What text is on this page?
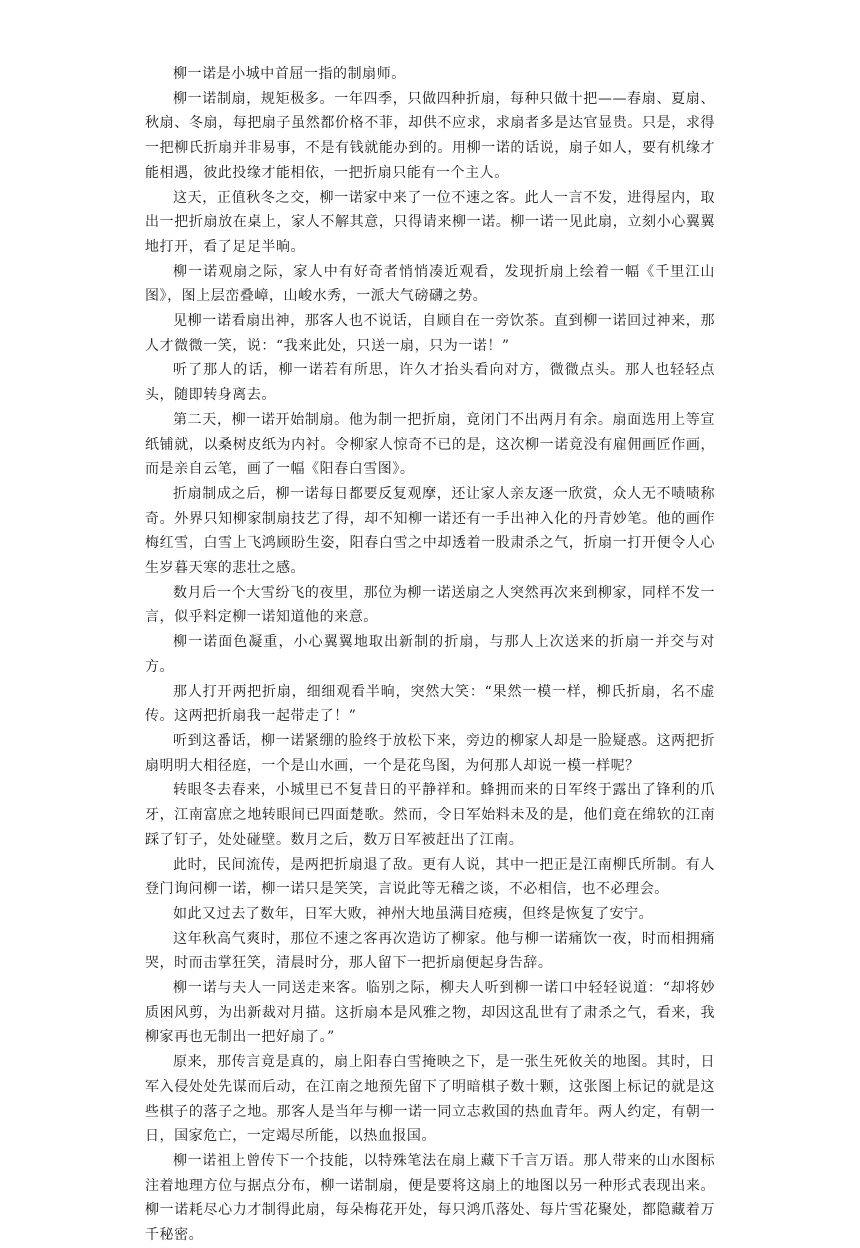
柳一诺是小城中首屈一指的制扇师。

柳一诺制扇，规矩极多。一年四季，只做四种折扇，每种只做十把——春扇、夏扇、秋扇、冬扇，每把扇子虽然都价格不菲，却供不应求，求扇者多是达官显贵。只是，求得一把柳氏折扇并非易事，不是有钱就能办到的。用柳一诺的话说，扇子如人，要有机缘才能相遇，彼此投缘才能相依，一把折扇只能有一个主人。

这天，正值秋冬之交，柳一诺家中来了一位不速之客。此人一言不发，进得屋内，取出一把折扇放在桌上，家人不解其意，只得请来柳一诺。柳一诺一见此扇，立刻小心翼翼地打开，看了足足半晌。

柳一诺观扇之际，家人中有好奇者悄悄凑近观看，发现折扇上绘着一幅《千里江山图》，图上层峦叠嶂，山峻水秀，一派大气磅礴之势。

见柳一诺看扇出神，那客人也不说话，自顾自在一旁饮茶。直到柳一诺回过神来，那人才微微一笑，说：“我来此处，只送一扇，只为一诺！”

听了那人的话，柳一诺若有所思，许久才抬头看向对方，微微点头。那人也轻轻点头，随即转身离去。

第二天，柳一诺开始制扇。他为制一把折扇，竟闭门不出两月有余。扇面选用上等宣纸铺就，以桑树皮纸为内衬。令柳家人惊奇不已的是，这次柳一诺竟没有雇佣画匠作画，而是亲自云笔，画了一幅《阳春白雪图》。

折扇制成之后，柳一诺每日都要反复观摩，还让家人亲友逐一欣赏，众人无不啧啧称奇。外界只知柳家制扇技艺了得，却不知柳一诺还有一手出神入化的丹青妙笔。他的画作梅红雪，白雪上飞鸿顾盼生姿，阳春白雪之中却透着一股肃杀之气，折扇一打开便令人心生岁暮天寒的悲壮之感。

数月后一个大雪纷飞的夜里，那位为柳一诺送扇之人突然再次来到柳家，同样不发一言，似乎料定柳一诺知道他的来意。

柳一诺面色凝重，小心翼翼地取出新制的折扇，与那人上次送来的折扇一并交与对方。

那人打开两把折扇，细细观看半晌，突然大笑：“果然一模一样，柳氏折扇，名不虚传。这两把折扇我一起带走了！”

听到这番话，柳一诺紧绷的脸终于放松下来，旁边的柳家人却是一脸疑惑。这两把折扇明明大相径庭，一个是山水画，一个是花鸟图，为何那人却说一模一样呢？

转眼冬去春来，小城里已不复昔日的平静祥和。蜂拥而来的日军终于露出了锋利的爪牙，江南富庶之地转眼间已四面楚歌。然而，令日军始料未及的是，他们竟在绵软的江南踩了钉子，处处碰壁。数月之后，数万日军被赶出了江南。

此时，民间流传，是两把折扇退了敌。更有人说，其中一把正是江南柳氏所制。有人登门询问柳一诺，柳一诺只是笑笑，言说此等无稽之谈，不必相信，也不必理会。

如此又过去了数年，日军大败，神州大地虽满目疮痍，但终是恢复了安宁。

这年秋高气爽时，那位不速之客再次造访了柳家。他与柳一诺痛饮一夜，时而相拥痛哭，时而击掌狂笑，清晨时分，那人留下一把折扇便起身告辞。

柳一诺与夫人一同送走来客。临别之际，柳夫人听到柳一诺口中轻轻说道：“却将妙质困风剪，为出新裁对月描。这折扇本是风雅之物，却因这乱世有了肃杀之气，看来，我柳家再也无制出一把好扇了。”

原来，那传言竟是真的，扇上阳春白雪掩映之下，是一张生死攸关的地图。其时，日军入侵处处先谋而后动，在江南之地预先留下了明暗棋子数十颗，这张图上标记的就是这些棋子的落子之地。那客人是当年与柳一诺一同立志救国的热血青年。两人约定，有朝一日，国家危亡，一定竭尽所能，以热血报国。

柳一诺祖上曾传下一个技能，以特殊笔法在扇上藏下千言万语。那人带来的山水图标注着地理方位与据点分布，柳一诺制扇，便是要将这扇上的地图以另一种形式表现出来。柳一诺耗尽心力才制得此扇，每朵梅花开处，每只鸿爪落处、每片雪花聚处，都隐藏着万千秘密。
